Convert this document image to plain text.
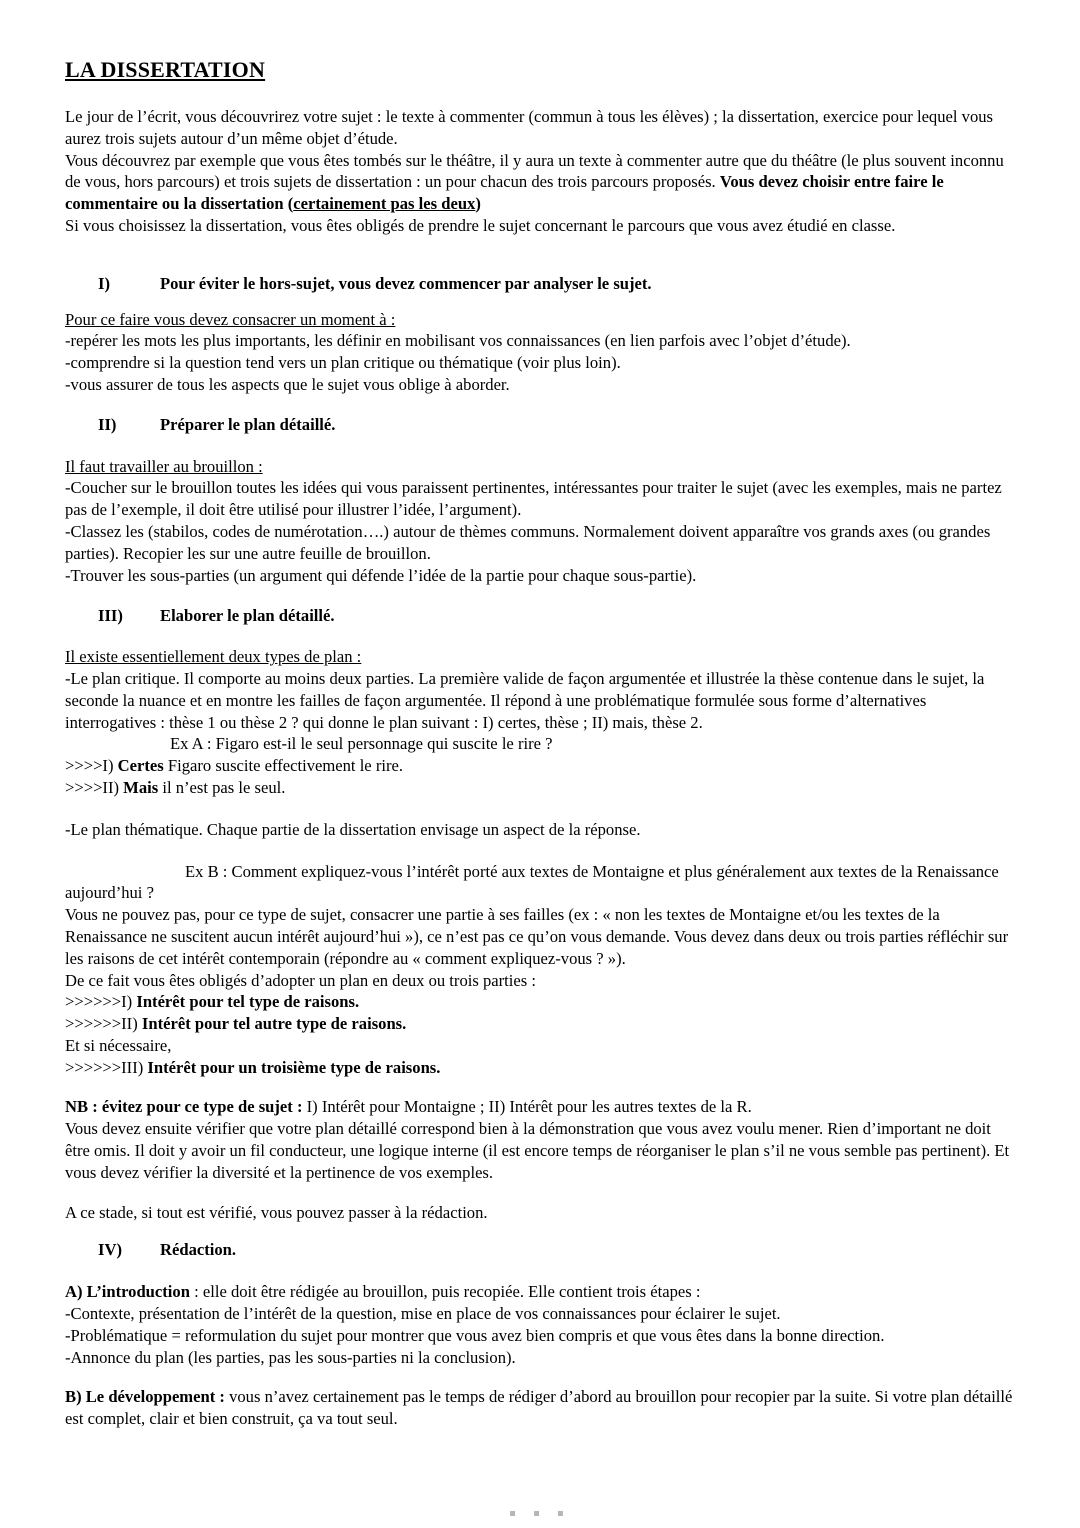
LA DISSERTATION

Le jour de l’écrit, vous découvrirez votre sujet : le texte à commenter (commun à tous les élèves) ; la dissertation, exercice pour lequel vous aurez trois sujets autour d’un même objet d’étude.

Vous découvrez par exemple que vous êtes tombés sur le théâtre, il y aura un texte à commenter autre que du théâtre (le plus souvent inconnu de vous, hors parcours) et trois sujets de dissertation : un pour chacun des trois parcours proposés. Vous devez choisir entre faire le commentaire ou la dissertation (certainement pas les deux)

Si vous choisissez la dissertation, vous êtes obligés de prendre le sujet concernant le parcours que vous avez étudié en classe.

I)	Pour éviter le hors-sujet, vous devez commencer par analyser le sujet.

Pour ce faire vous devez consacrer un moment à :

-repérer les mots les plus importants, les définir en mobilisant vos connaissances (en lien parfois avec l’objet d’étude).

-comprendre si la question tend vers un plan critique ou thématique (voir plus loin).

-vous assurer de tous les aspects que le sujet vous oblige à aborder.

II)	Préparer le plan détaillé.

Il faut travailler au brouillon :

-Coucher sur le brouillon toutes les idées qui vous paraissent pertinentes, intéressantes pour traiter le sujet (avec les exemples, mais ne partez pas de l’exemple, il doit être utilisé pour illustrer l’idée, l’argument).

-Classez les (stabilos, codes de numérotation….) autour de thèmes communs. Normalement doivent apparaître vos grands axes (ou grandes parties). Recopier les sur une autre feuille de brouillon.

-Trouver les sous-parties (un argument qui défende l’idée de la partie pour chaque sous-partie).

III) Elaborer le plan détaillé.

Il existe essentiellement deux types de plan :

-Le plan critique. Il comporte au moins deux parties. La première valide de façon argumentée et illustrée la thèse contenue dans le sujet, la seconde la nuance et en montre les failles de façon argumentée. Il répond à une problématique formulée sous forme d’alternatives interrogatives : thèse 1 ou thèse 2 ? qui donne le plan suivant : I) certes, thèse ; II) mais, thèse 2.

Ex A : Figaro est-il le seul personnage qui suscite le rire ?

>>>>I) Certes Figaro suscite effectivement le rire.

>>>>II) Mais il n’est pas le seul.

-Le plan thématique. Chaque partie de la dissertation envisage un aspect de la réponse.

Ex B : Comment expliquez-vous l’intérêt porté aux textes de Montaigne et plus généralement aux textes de la Renaissance aujourd’hui ?

Vous ne pouvez pas, pour ce type de sujet, consacrer une partie à ses failles (ex : « non les textes de Montaigne et/ou les textes de la Renaissance ne suscitent aucun intérêt aujourd’hui »), ce n’est pas ce qu’on vous demande. Vous devez dans deux ou trois parties réfléchir sur les raisons de cet intérêt contemporain (répondre au « comment expliquez-vous ? »).

De ce fait vous êtes obligés d’adopter un plan en deux ou trois parties :

>>>>>>I) Intérêt pour tel type de raisons.

>>>>>>II) Intérêt pour tel autre type de raisons.

Et si nécessaire,

>>>>>>III) Intérêt pour un troisième type de raisons.

NB : évitez pour ce type de sujet : I) Intérêt pour Montaigne ; II) Intérêt pour les autres textes de la R.

Vous devez ensuite vérifier que votre plan détaillé correspond bien à la démonstration que vous avez voulu mener. Rien d’important ne doit être omis. Il doit y avoir un fil conducteur, une logique interne (il est encore temps de réorganiser le plan s’il ne vous semble pas pertinent). Et vous devez vérifier la diversité et la pertinence de vos exemples.

A ce stade, si tout est vérifié, vous pouvez passer à la rédaction.

IV) Rédaction.

A) L’introduction : elle doit être rédigée au brouillon, puis recopiée. Elle contient trois étapes :

-Contexte, présentation de l’intérêt de la question, mise en place de vos connaissances pour éclairer le sujet.

-Problématique = reformulation du sujet pour montrer que vous avez bien compris et que vous êtes dans la bonne direction.

-Annonce du plan (les parties, pas les sous-parties ni la conclusion).

B) Le développement : vous n’avez certainement pas le temps de rédiger d’abord au brouillon pour recopier par la suite. Si votre plan détaillé est complet, clair et bien construit, ça va tout seul.

▪ ▪ ▪
